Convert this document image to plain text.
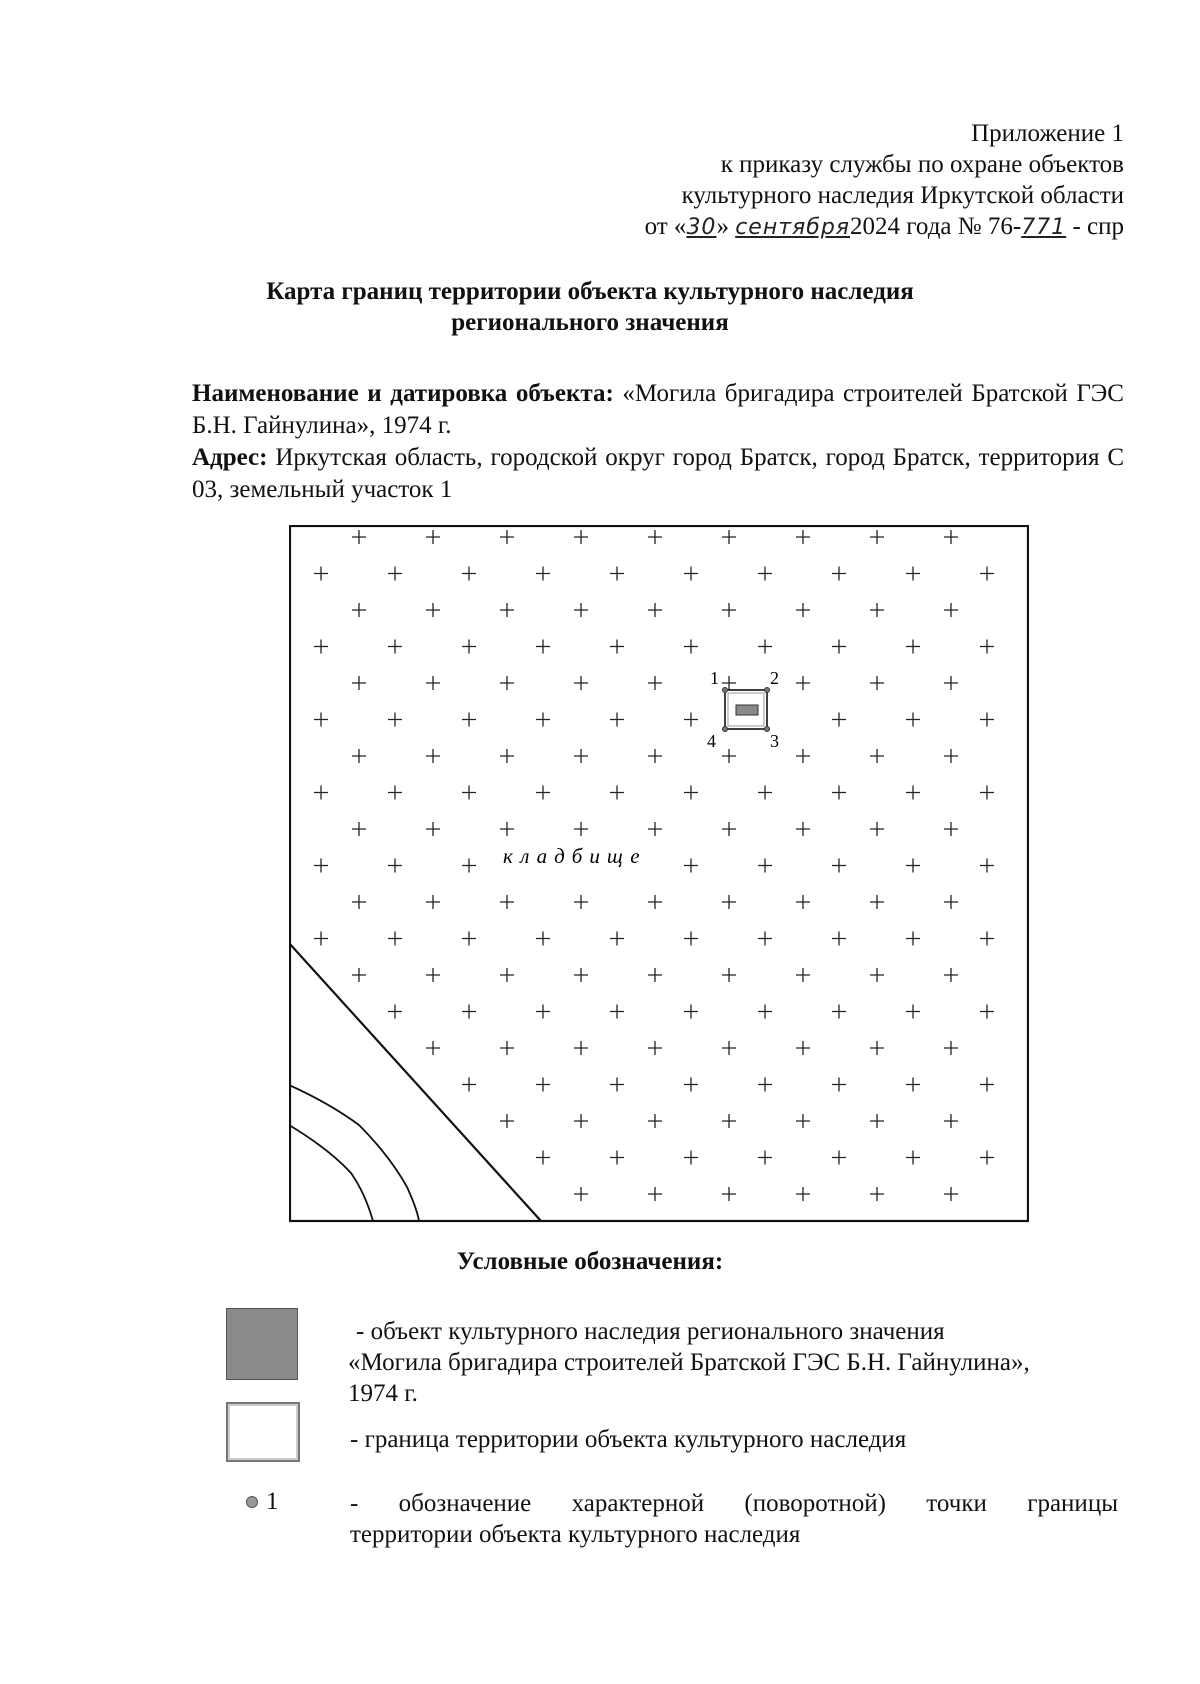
Приложение 1
к приказу службы по охране объектов
культурного наследия Иркутской области
от «30» сентября2024 года № 76-771 - спр
Карта границ территории объекта культурного наследия
регионального значения
Наименование и датировка объекта: «Могила бригадира строителей Братской ГЭС Б.Н. Гайнулина», 1974 г.
Адрес: Иркутская область, городской округ город Братск, город Братск, территория С 03, земельный участок 1
1	2
3
4
кладбище
Условные обозначения:
- объект культурного наследия регионального значения
«Могила бригадира строителей Братской ГЭС Б.Н. Гайнулина»,
1974 г.
- граница территории объекта культурного наследия
1	- обозначение характерной (поворотной) точки границы
территории объекта культурного наследия
